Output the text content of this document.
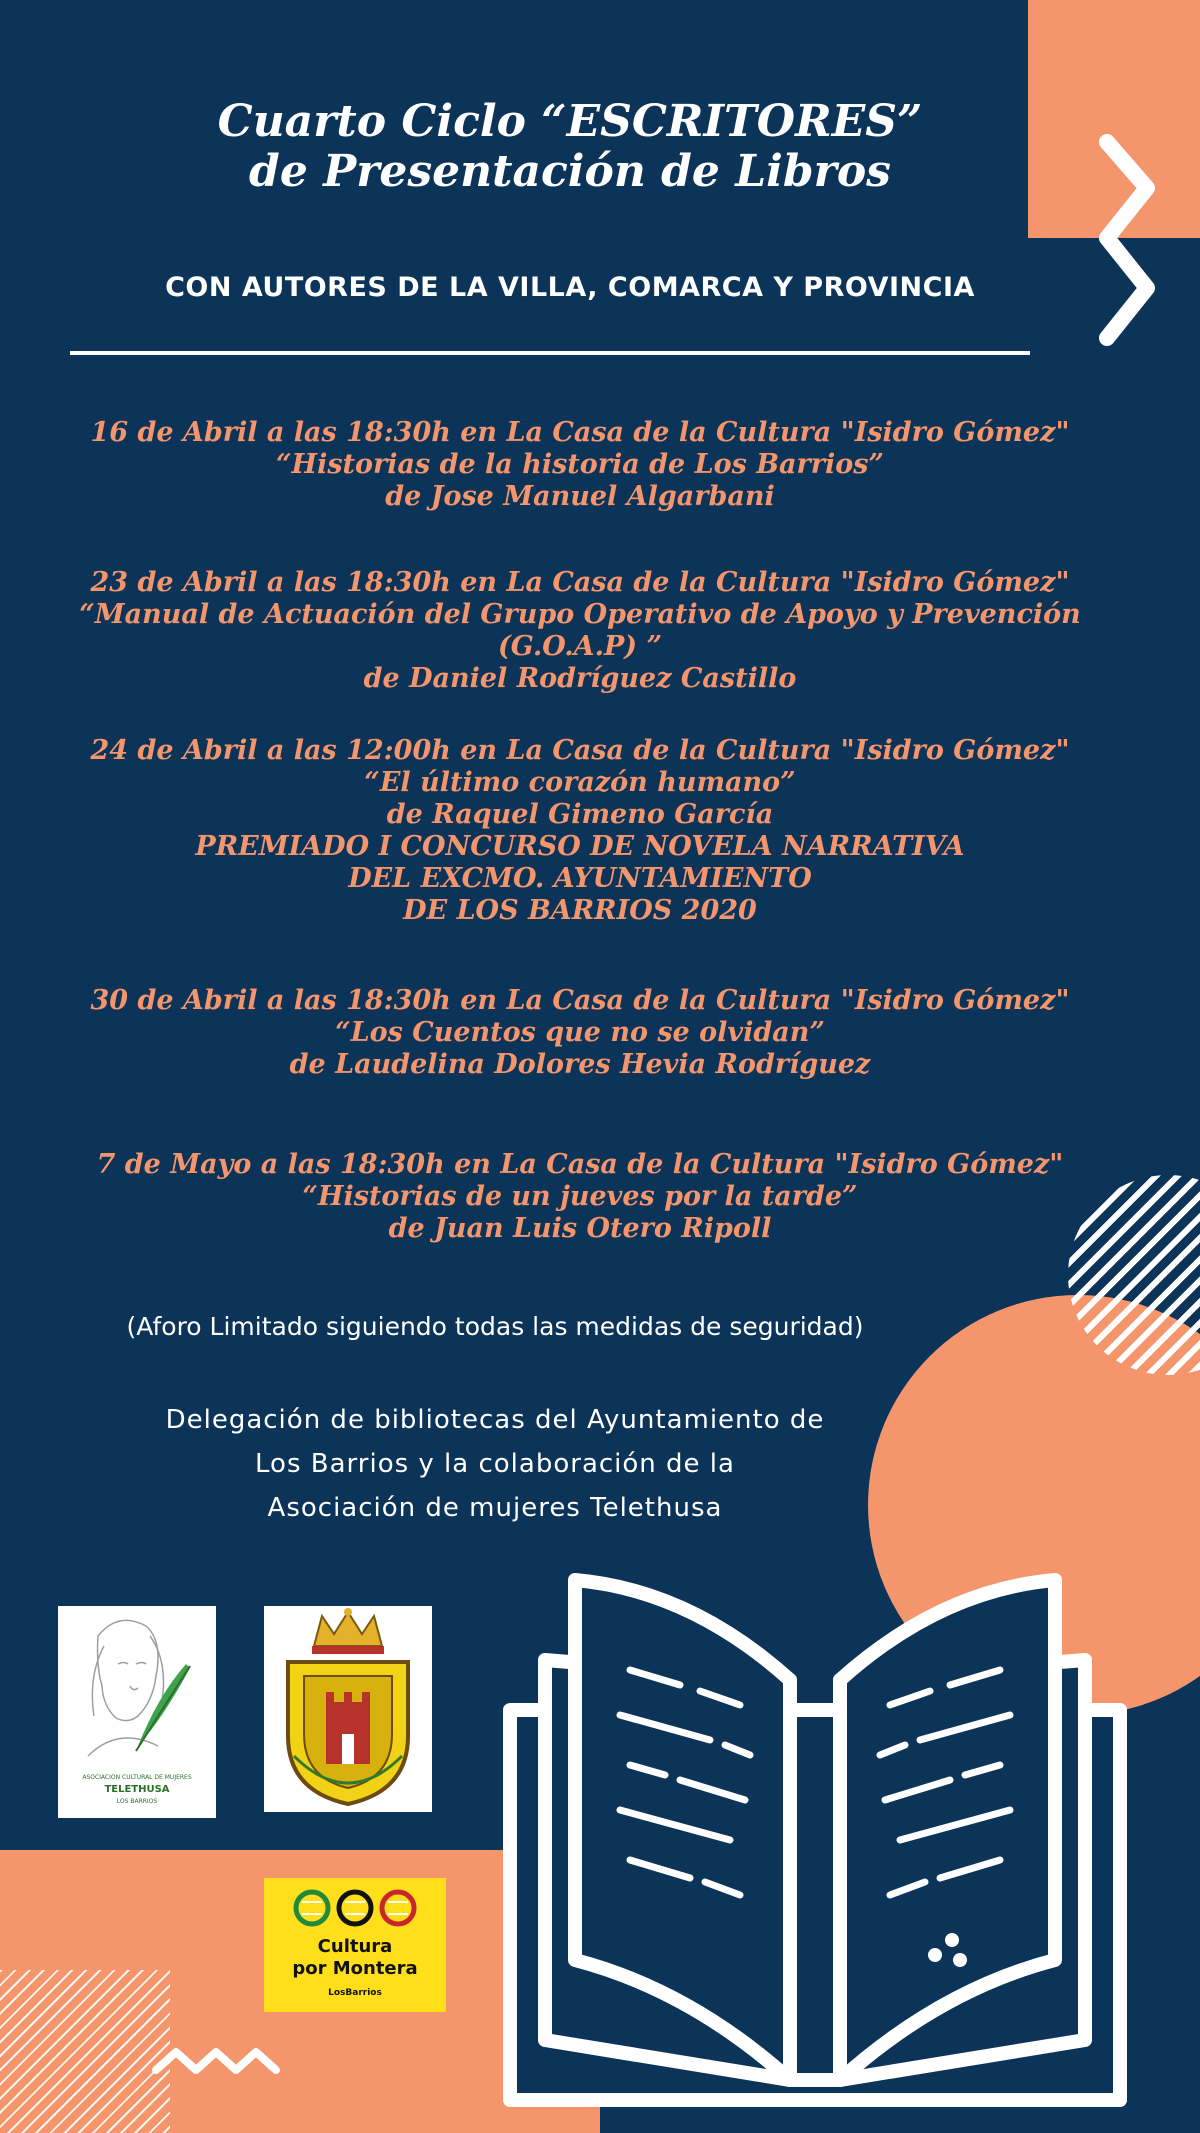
Cuarto Ciclo “ESCRITORES”
de Presentación de Libros
CON AUTORES DE LA VILLA, COMARCA Y PROVINCIA
16 de Abril a las 18:30h en La Casa de la Cultura "Isidro Gómez"
“Historias de la historia de Los Barrios”
de Jose Manuel Algarbani
23 de Abril a las 18:30h en La Casa de la Cultura "Isidro Gómez"
“Manual de Actuación del Grupo Operativo de Apoyo y Prevención
(G.O.A.P) ”
de Daniel Rodríguez Castillo
24 de Abril a las 12:00h en La Casa de la Cultura "Isidro Gómez"
“El último corazón humano”
de Raquel Gimeno García
PREMIADO I CONCURSO DE NOVELA NARRATIVA
DEL EXCMO. AYUNTAMIENTO
DE LOS BARRIOS 2020
30 de Abril a las 18:30h en La Casa de la Cultura "Isidro Gómez"
“Los Cuentos que no se olvidan”
de Laudelina Dolores Hevia Rodríguez
7 de Mayo a las 18:30h en La Casa de la Cultura "Isidro Gómez"
“Historias de un jueves por la tarde”
de Juan Luis Otero Ripoll
(Aforo Limitado siguiendo todas las medidas de seguridad)
Delegación de bibliotecas del Ayuntamiento de
Los Barrios y la colaboración de la
Asociación de mujeres Telethusa
ASOCIACION CULTURAL DE MUJERES
TELETHUSA
LOS BARRIOS
Cultura
por Montera
LosBarrios
